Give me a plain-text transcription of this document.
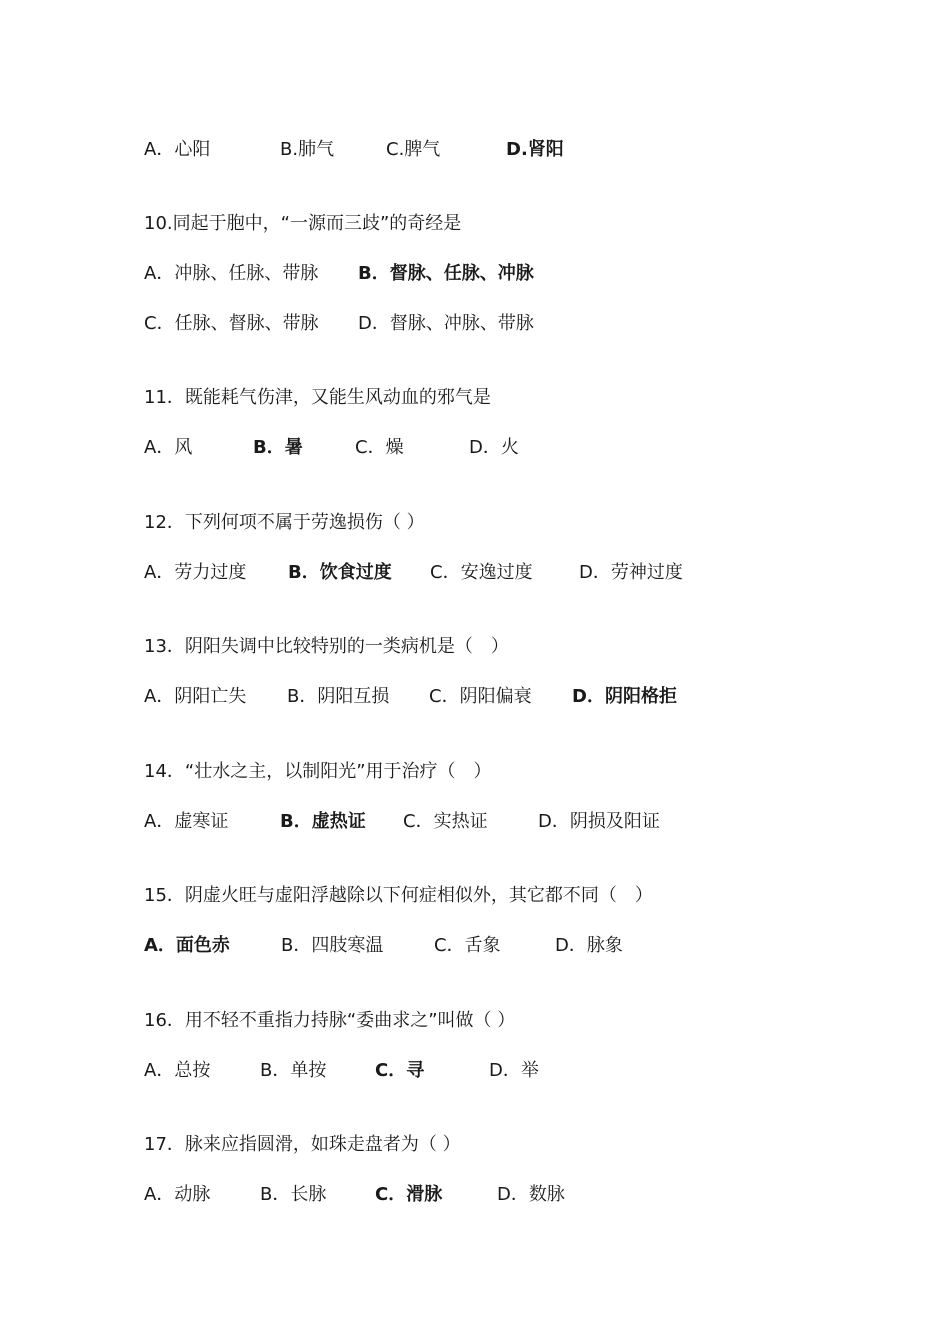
A．心阳	B.肺气	C.脾气	D.肾阳
10.同起于胞中，“一源而三歧”的奇经是
A．冲脉、任脉、带脉 B．督脉、任脉、冲脉
C．任脉、督脉、带脉 D．督脉、冲脉、带脉
11．既能耗气伤津，又能生风动血的邪气是
A．风	B．暑	C．燥	D．火
12．下列何项不属于劳逸损伤（ ）
A．劳力过度 B．饮食过度 C．安逸过度	D．劳神过度
13．阴阳失调中比较特别的一类病机是（　）
A．阴阳亡失 B．阴阳互损 C．阴阳偏衰 D．阴阳格拒
14．“壮水之主，以制阳光”用于治疗（　）
A．虚寒证	B．虚热证 C．实热证	D．阴损及阳证
15．阴虚火旺与虚阳浮越除以下何症相似外，其它都不同（　）
A．面色赤	B．四肢寒温	C．舌象	D．脉象
16．用不轻不重指力持脉“委曲求之”叫做（ ）
A．总按	B．单按	C．寻	D．举
17．脉来应指圆滑，如珠走盘者为（ ）
A．动脉	B．长脉	C．滑脉	D．数脉
